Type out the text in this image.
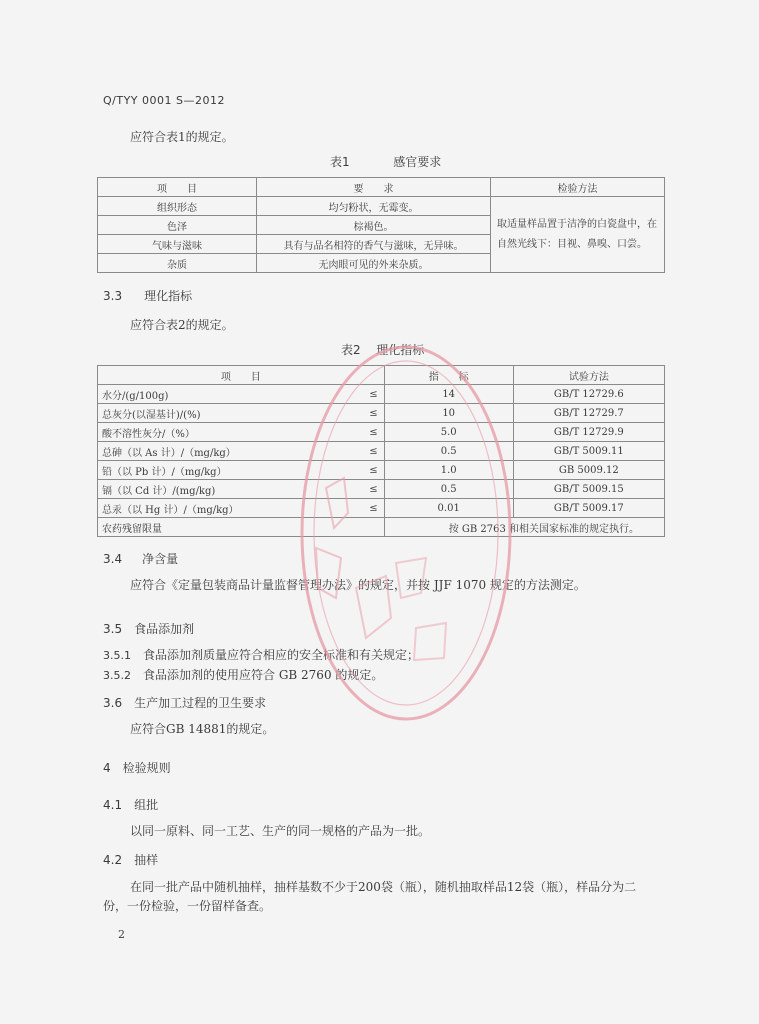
Q/TYY 0001 S—2012
应符合表1的规定。
表1	感官要求
项　　目	要　　求	检验方法
组织形态	均匀粉状，无霉变。	取适量样品置于洁净的白瓷盘中，在自然光线下：目视、鼻嗅、口尝。
色泽	棕褐色。	
气味与滋味	具有与品名相符的香气与滋味，无异味。	
杂质	无肉眼可见的外来杂质。	
3.3 理化指标
应符合表2的规定。
表2 理化指标
项　　目		指　　标	试验方法
水分/(g/100g)	≤	14	GB/T 12729.6
总灰分(以湿基计)/(%)	≤	10	GB/T 12729.7
酸不溶性灰分/（%）	≤	5.0	GB/T 12729.9
总砷（以 As 计）/（mg/kg）	≤	0.5	GB/T 5009.11
铅（以 Pb 计）/（mg/kg）	≤	1.0	GB 5009.12
镉（以 Cd 计）/(mg/kg)	≤	0.5	GB/T 5009.15
总汞（以 Hg 计）/（mg/kg）	≤	0.01	GB/T 5009.17
农药残留限量		按 GB 2763 和相关国家标准的规定执行。	
3.4 净含量
应符合《定量包装商品计量监督管理办法》的规定，并按 JJF 1070 规定的方法测定。
3.5 食品添加剂
3.5.1 食品添加剂质量应符合相应的安全标准和有关规定；
3.5.2 食品添加剂的使用应符合 GB 2760 的规定。
3.6 生产加工过程的卫生要求
应符合GB 14881的规定。
4 检验规则
4.1 组批
以同一原料、同一工艺、生产的同一规格的产品为一批。
4.2 抽样
在同一批产品中随机抽样，抽样基数不少于200袋（瓶），随机抽取样品12袋（瓶），样品分为二
份，一份检验，一份留样备查。
2
